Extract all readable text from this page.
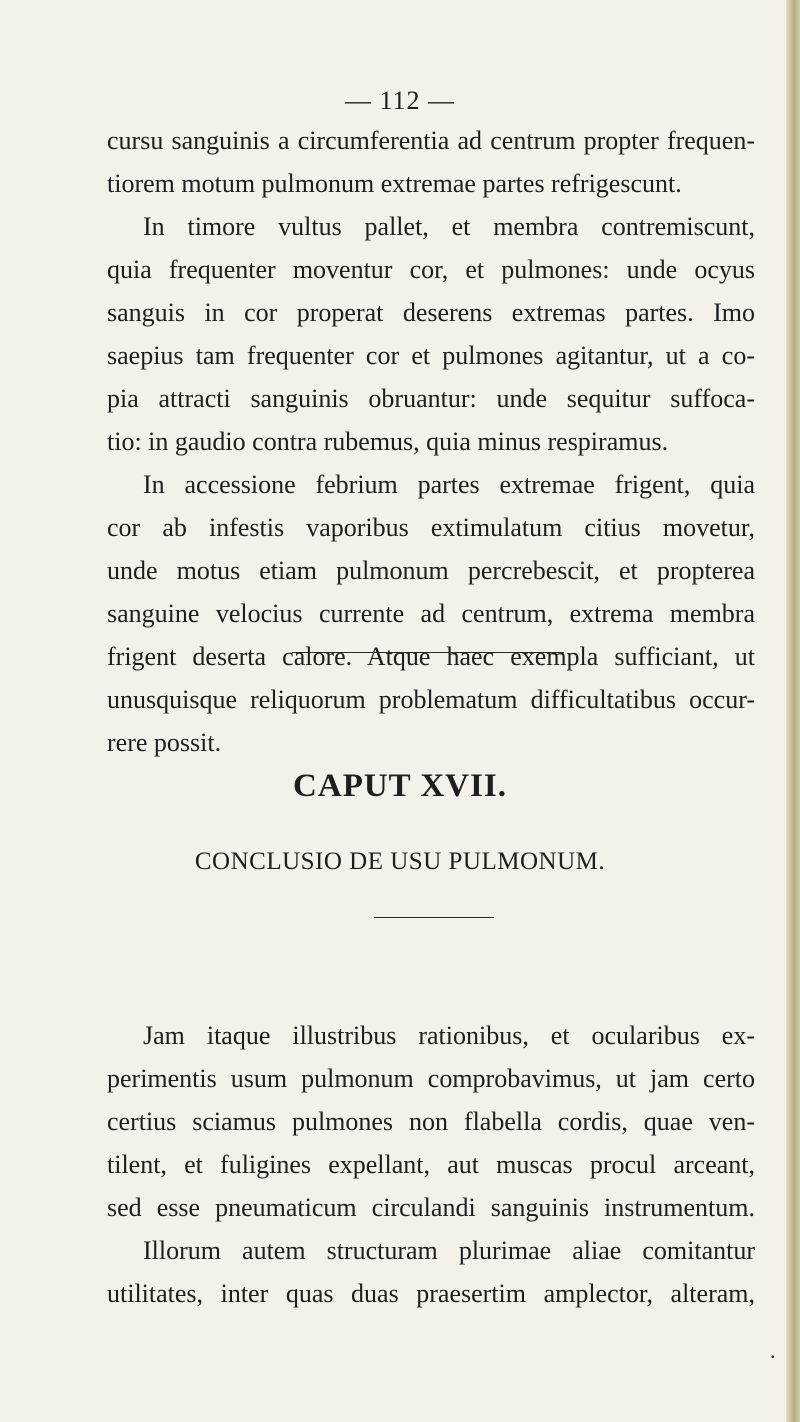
— 112 —
cursu sanguinis a circumferentia ad centrum propter frequen-
tiorem motum pulmonum extremae partes refrigescunt.
In timore vultus pallet, et membra contremiscunt,
quia frequenter moventur cor, et pulmones: unde ocyus
sanguis in cor properat deserens extremas partes. Imo
saepius tam frequenter cor et pulmones agitantur, ut a co-
pia attracti sanguinis obruantur: unde sequitur suffoca-
tio: in gaudio contra rubemus, quia minus respiramus.
In accessione febrium partes extremae frigent, quia
cor ab infestis vaporibus extimulatum citius movetur,
unde motus etiam pulmonum percrebescit, et propterea
sanguine velocius currente ad centrum, extrema membra
frigent deserta calore. Atque haec exempla sufficiant, ut
unusquisque reliquorum problematum difficultatibus occur-
rere possit.
CAPUT XVII.
CONCLUSIO DE USU PULMONUM.
Jam itaque illustribus rationibus, et ocularibus ex-
perimentis usum pulmonum comprobavimus, ut jam certo
certius sciamus pulmones non flabella cordis, quae ven-
tilent, et fuligines expellant, aut muscas procul arceant,
sed esse pneumaticum circulandi sanguinis instrumentum.
Illorum autem structuram plurimae aliae comitantur
utilitates, inter quas duas praesertim amplector, alteram,
.
